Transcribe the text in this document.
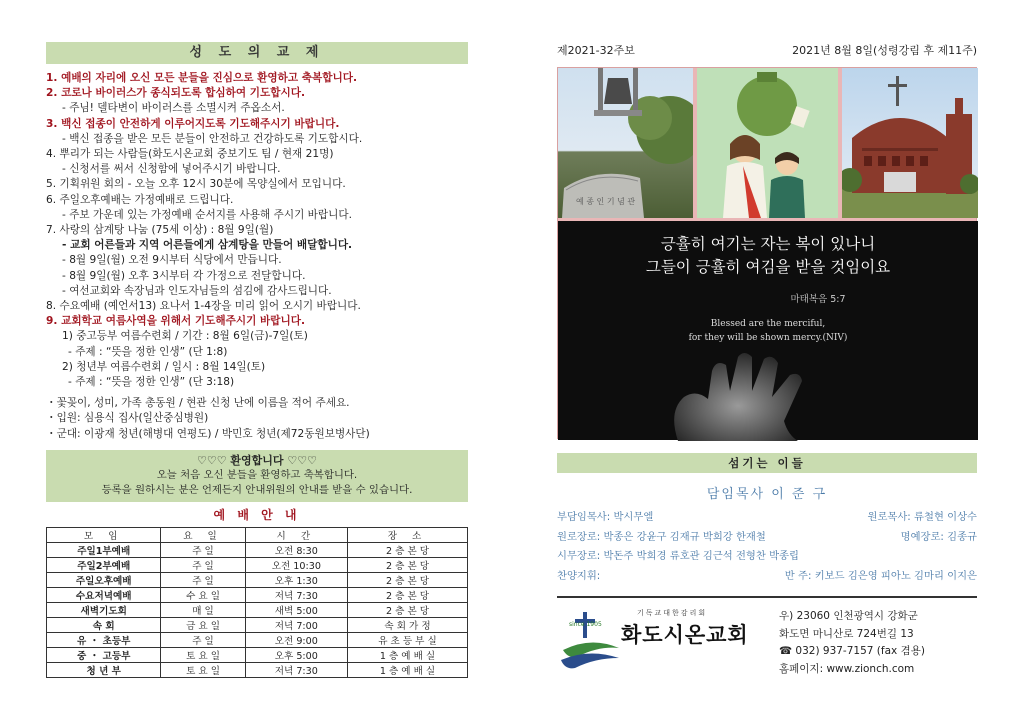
성 도 의 교 제
1. 예배의 자리에 오신 모든 분들을 진심으로 환영하고 축복합니다.
2. 코로나 바이러스가 종식되도록 합심하여 기도합시다.
- 주님! 델타변이 바이러스를 소멸시켜 주옵소서.
3. 백신 접종이 안전하게 이루어지도록 기도해주시기 바랍니다.
- 백신 접종을 받은 모든 분들이 안전하고 건강하도록 기도합시다.
4. 뿌리가 되는 사람들(화도시온교회 중보기도 팀 / 현재 21명)
- 신청서를 써서 신청함에 넣어주시기 바랍니다.
5. 기획위원 회의 - 오늘 오후 12시 30분에 목양실에서 모입니다.
6. 주일오후예배는 가정예배로 드립니다.
- 주보 가운데 있는 가정예배 순서지를 사용해 주시기 바랍니다.
7. 사랑의 삼계탕 나눔 (75세 이상) : 8월 9일(월)
- 교회 어른들과 지역 어른들에게 삼계탕을 만들어 배달합니다.
- 8월 9일(월) 오전 9시부터 식당에서 만듭니다.
- 8월 9일(월) 오후 3시부터 각 가정으로 전달합니다.
- 여선교회와 속장님과 인도자님들의 섬김에 감사드립니다.
8. 수요예배 (예언서13) 요나서 1-4장을 미리 읽어 오시기 바랍니다.
9. 교회학교 여름사역을 위해서 기도해주시기 바랍니다.
1) 중고등부 여름수련회 / 기간 : 8월 6일(금)-7일(토)
- 주제 : “뜻을 정한 인생” (단 1:8)
2) 청년부 여름수련회 / 일시 : 8월 14일(토)
- 주제 : “뜻을 정한 인생” (단 3:18)
・꽃꽂이, 성미, 가족 총동원 / 현관 신청 난에 이름을 적어 주세요.
・입원: 심용식 집사(일산중심병원)
・군대: 이광재 청년(해병대 연평도) / 박민호 청년(제72동원보병사단)
♡♡♡ 환영합니다 ♡♡♡
오늘 처음 오신 분들을 환영하고 축복합니다.
등록을 원하시는 분은 언제든지 안내위원의 안내를 받을 수 있습니다.
예 배 안 내
모 임	요 일	시 간	장 소
주일1부예배	주 일	오전 8:30	2 층 본 당
주일2부예배	주 일	오전 10:30	2 층 본 당
주일오후예배	주 일	오후 1:30	2 층 본 당
수요저녁예배	수 요 일	저녁 7:30	2 층 본 당
새벽기도회	매 일	새벽 5:00	2 층 본 당
속 회	금 요 일	저녁 7:00	속 회 가 정
유 ・ 초등부	주 일	오전 9:00	유 초 등 부 실
중 ・ 고등부	토 요 일	오후 5:00	1 층 예 배 실
청 년 부	토 요 일	저녁 7:30	1 층 예 배 실
제2021-32주보	2021년 8월 8일(성령강림 후 제11주)
예 종 인 기 념 관
긍휼히 여기는 자는 복이 있나니
그들이 긍휼히 여김을 받을 것임이요
마태복음 5:7
Blessed are the merciful,
for they will be shown mercy.(NIV)
섬기는 이들
담임목사 이 준 구
부담임목사: 박시무엘	원로목사: 류철현 이상수
원로장로: 박종은 강윤구 김재규 박희강 한재철	명예장로: 김종규
시무장로: 박돈주 박희경 류호관 김근석 전형찬 박종립
찬양지휘:	반 주: 키보드 김은영 피아노 김마리 이지은
since 1905
기독교대한감리회
화도시온교회
우) 23060 인천광역시 강화군
화도면 마니산로 724번길 13
☎ 032) 937-7157 (fax 겸용)
홈페이지: www.zionch.com
